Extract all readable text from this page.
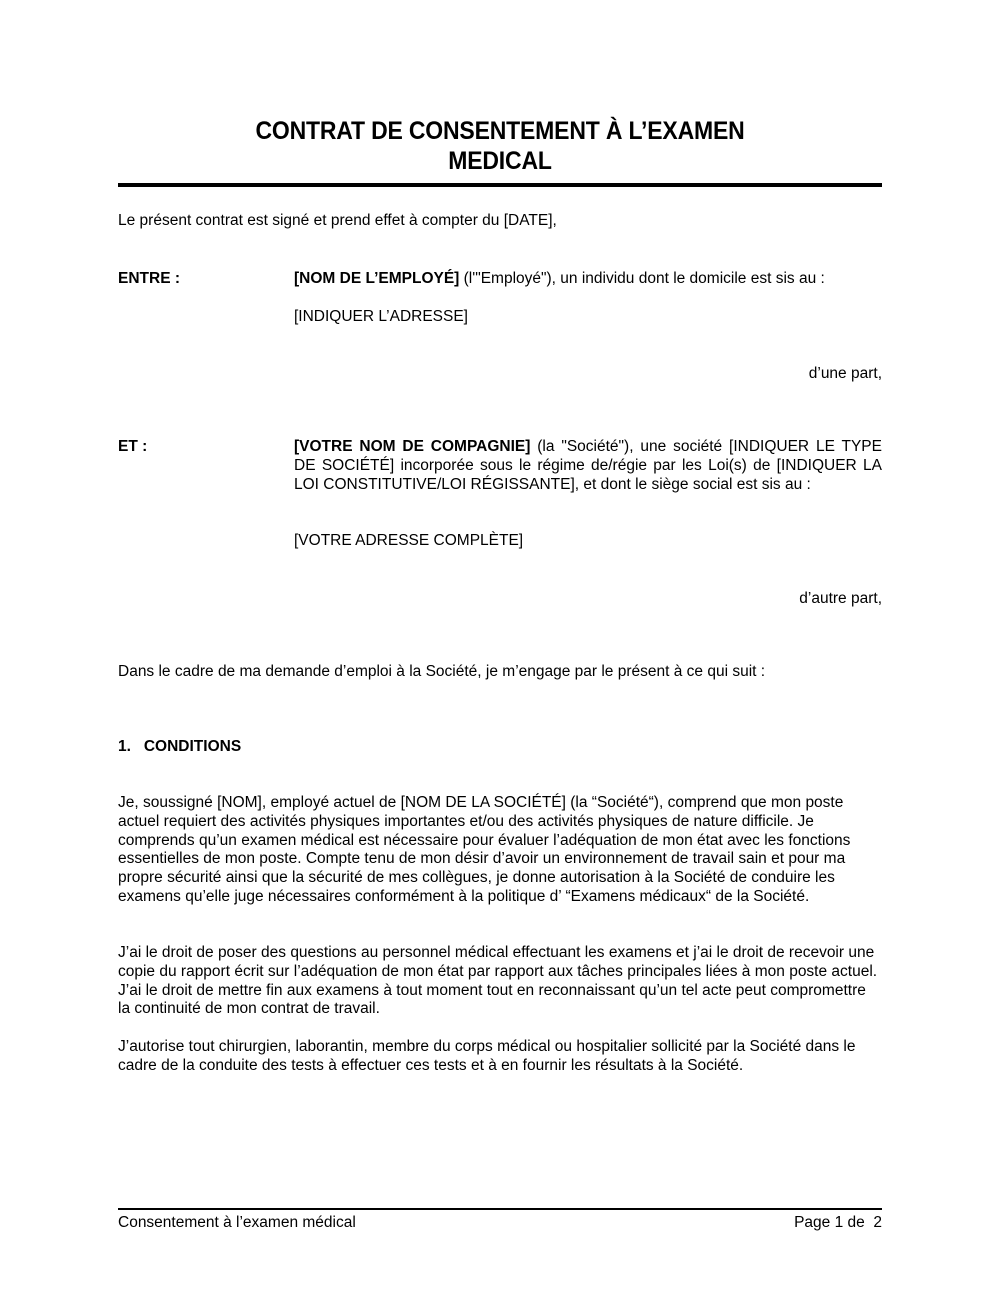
CONTRAT DE CONSENTEMENT À L’EXAMEN
MEDICAL
Le présent contrat est signé et prend effet à compter du [DATE],
ENTRE :	[NOM DE L’EMPLOYÉ] (l'"Employé"), un individu dont le domicile est sis au :
[INDIQUER L’ADRESSE]
d’une part,
ET :	[VOTRE NOM DE COMPAGNIE] (la "Société"), une société [INDIQUER LE TYPE DE SOCIÉTÉ] incorporée sous le régime de/régie par les Loi(s) de [INDIQUER LA LOI CONSTITUTIVE/LOI RÉGISSANTE], et dont le siège social est sis au :
[VOTRE ADRESSE COMPLÈTE]
d’autre part,
Dans le cadre de ma demande d’emploi à la Société, je m’engage par le présent à ce qui suit :
1.   CONDITIONS
Je, soussigné [NOM], employé actuel de [NOM DE LA SOCIÉTÉ] (la “Société“), comprend que mon poste actuel requiert des activités physiques importantes et/ou des activités physiques de nature difficile. Je comprends qu’un examen médical est nécessaire pour évaluer l’adéquation de mon état avec les fonctions essentielles de mon poste. Compte tenu de mon désir d’avoir un environnement de travail sain et pour ma propre sécurité ainsi que la sécurité de mes collègues, je donne autorisation à la Société de conduire les examens qu’elle juge nécessaires conformément à la politique d’ “Examens médicaux“ de la Société.
J’ai le droit de poser des questions au personnel médical effectuant les examens et j’ai le droit de recevoir une copie du rapport écrit sur l’adéquation de mon état par rapport aux tâches principales liées à mon poste actuel. J’ai le droit de mettre fin aux examens à tout moment tout en reconnaissant qu’un tel acte peut compromettre la continuité de mon contrat de travail.
J’autorise tout chirurgien, laborantin, membre du corps médical ou hospitalier sollicité par la Société dans le cadre de la conduite des tests à effectuer ces tests et à en fournir les résultats à la Société.
Consentement à l’examen médical	Page 1 de  2
